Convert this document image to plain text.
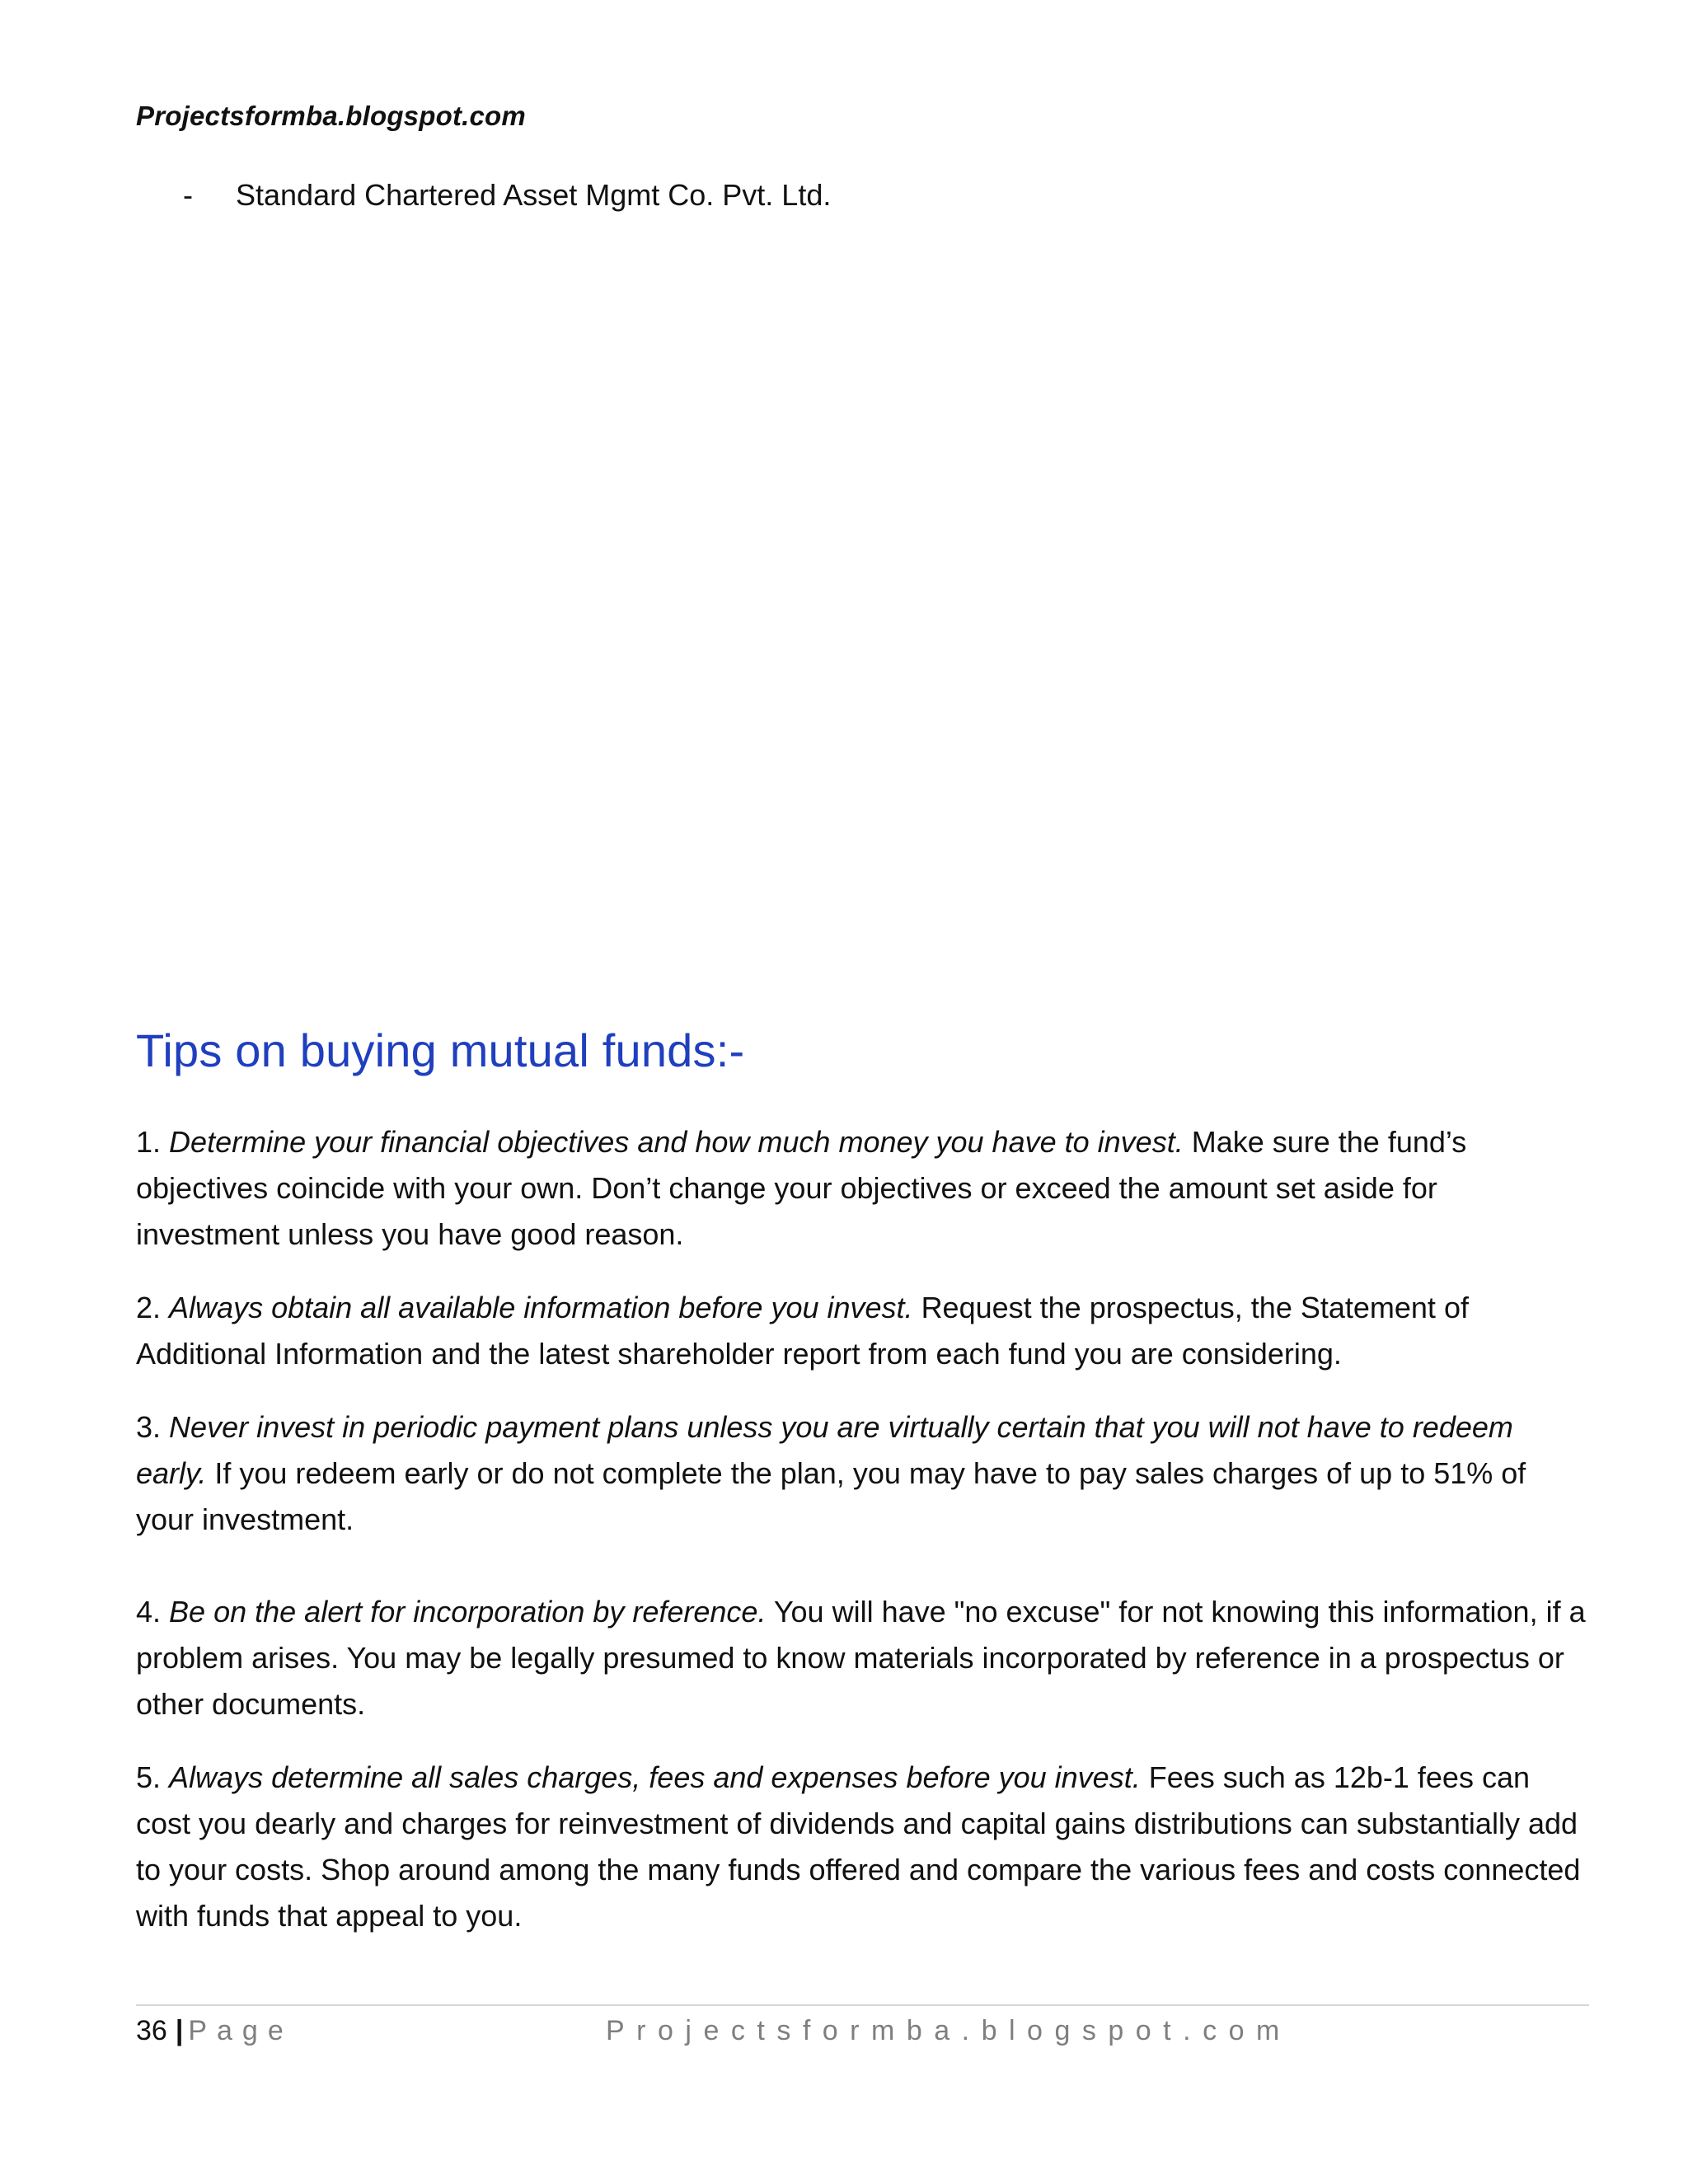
Projectsformba.blogspot.com
- Standard Chartered Asset Mgmt Co. Pvt. Ltd.
Tips on buying mutual funds:-

1. Determine your financial objectives and how much money you have to invest. Make sure the fund’s objectives coincide with your own. Don’t change your objectives or exceed the amount set aside for investment unless you have good reason.

2. Always obtain all available information before you invest. Request the prospectus, the Statement of Additional Information and the latest shareholder report from each fund you are considering.

3. Never invest in periodic payment plans unless you are virtually certain that you will not have to redeem early. If you redeem early or do not complete the plan, you may have to pay sales charges of up to 51% of your investment.

4. Be on the alert for incorporation by reference. You will have "no excuse" for not knowing this information, if a problem arises. You may be legally presumed to know materials incorporated by reference in a prospectus or other documents.

5. Always determine all sales charges, fees and expenses before you invest. Fees such as 12b-1 fees can cost you dearly and charges for reinvestment of dividends and capital gains distributions can substantially add to your costs. Shop around among the many funds offered and compare the various fees and costs connected with funds that appeal to you.

36 | Page	Projectsformba.blogspot.com
